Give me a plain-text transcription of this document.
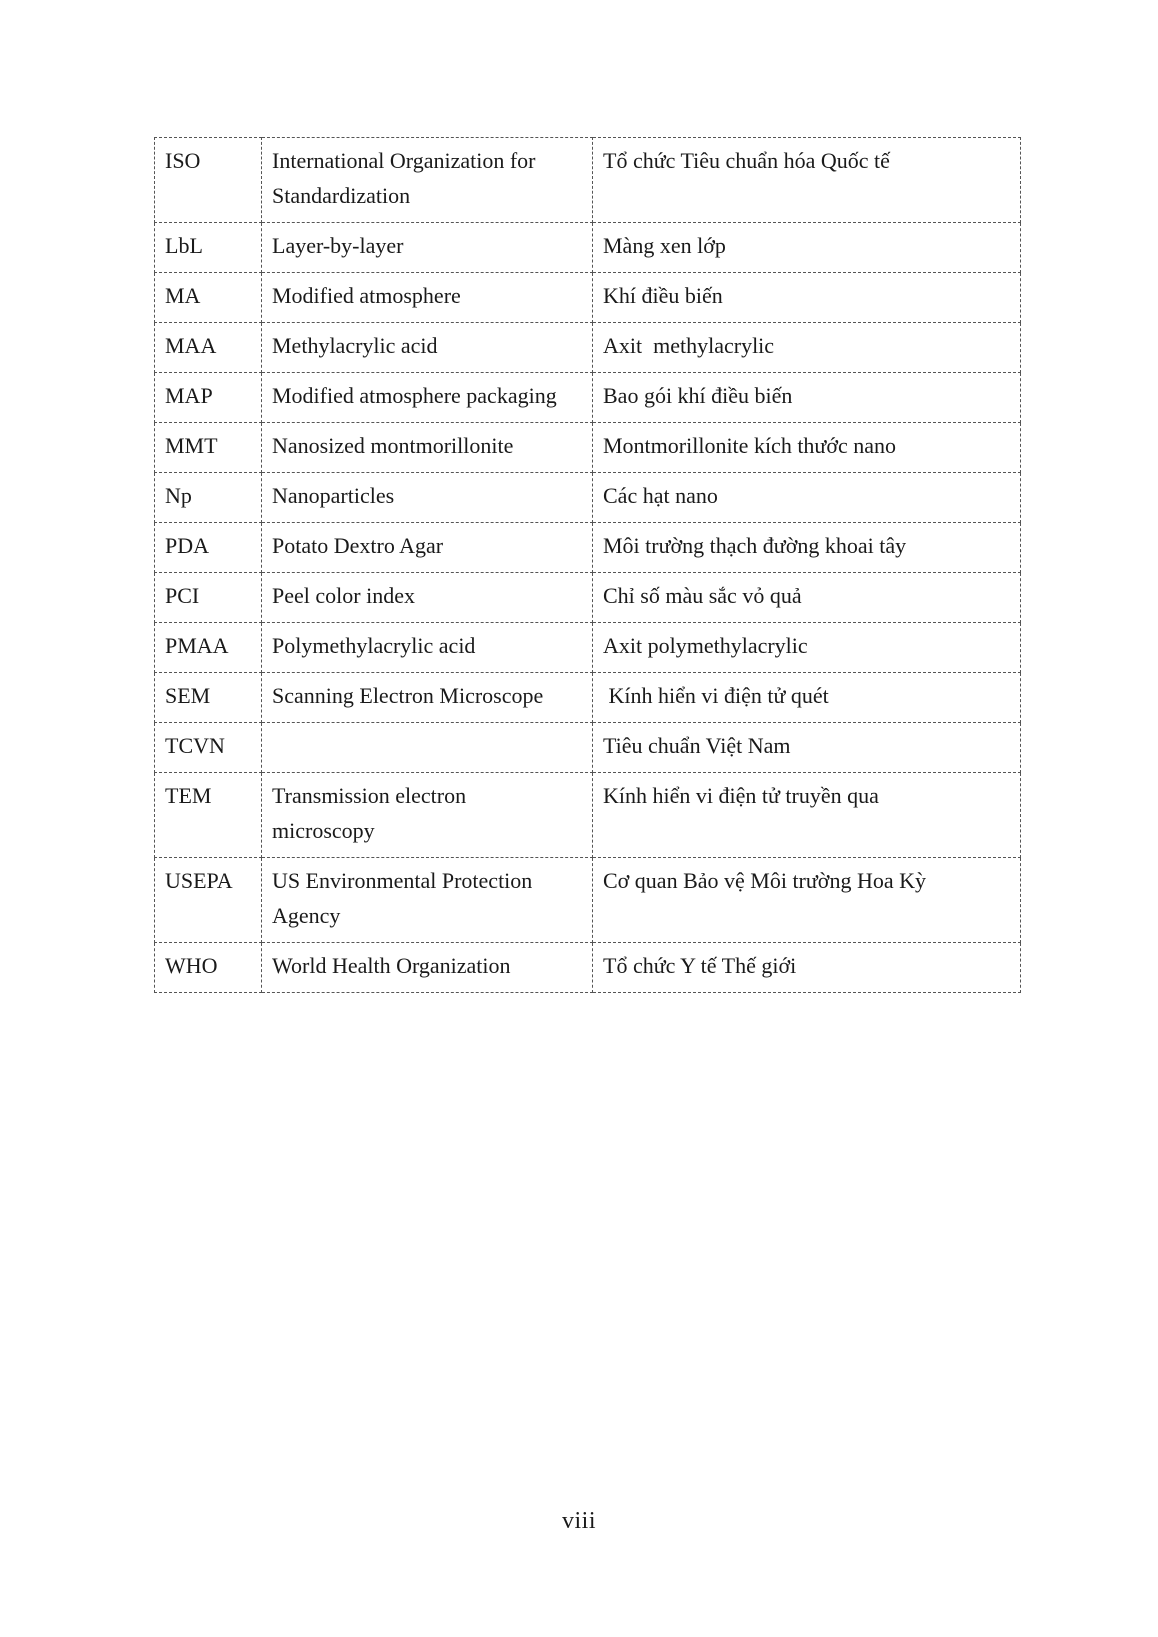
ISO	International Organization for Standardization	Tổ chức Tiêu chuẩn hóa Quốc tế
LbL	Layer-by-layer	Màng xen lớp
MA	Modified atmosphere	Khí điều biến
MAA	Methylacrylic acid	Axit  methylacrylic
MAP	Modified atmosphere packaging	Bao gói khí điều biến
MMT	Nanosized montmorillonite	Montmorillonite kích thước nano
Np	Nanoparticles	Các hạt nano
PDA	Potato Dextro Agar	Môi trường thạch đường khoai tây
PCI	Peel color index	Chỉ số màu sắc vỏ quả
PMAA	Polymethylacrylic acid	Axit polymethylacrylic
SEM	Scanning Electron Microscope	Kính hiển vi điện tử quét
TCVN		Tiêu chuẩn Việt Nam
TEM	Transmission electron microscopy	Kính hiển vi điện tử truyền qua
USEPA	US Environmental Protection Agency	Cơ quan Bảo vệ Môi trường Hoa Kỳ
WHO	World Health Organization	Tổ chức Y tế Thế giới
viii
